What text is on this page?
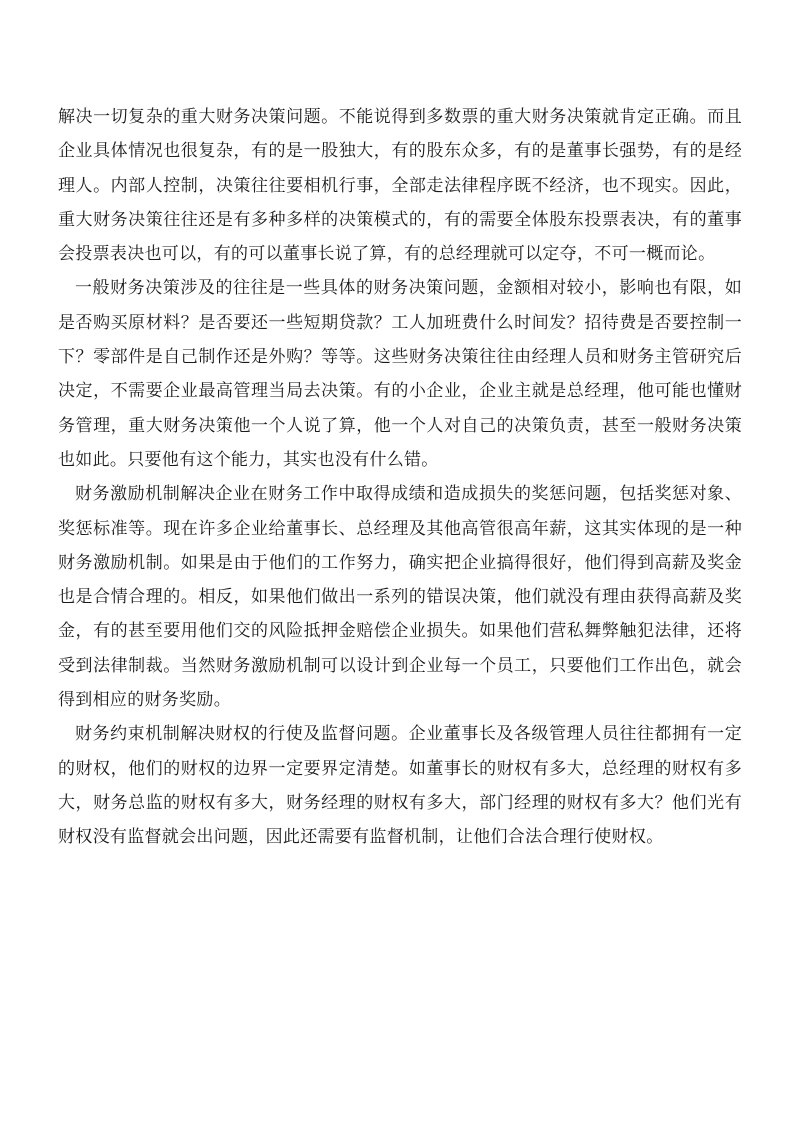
解决一切复杂的重大财务决策问题。不能说得到多数票的重大财务决策就肯定正确。而且企业具体情况也很复杂，有的是一股独大，有的股东众多，有的是董事长强势，有的是经理人。内部人控制，决策往往要相机行事，全部走法律程序既不经济，也不现实。因此，重大财务决策往往还是有多种多样的决策模式的，有的需要全体股东投票表决，有的董事会投票表决也可以，有的可以董事长说了算，有的总经理就可以定夺，不可一概而论。

一般财务决策涉及的往往是一些具体的财务决策问题，金额相对较小，影响也有限，如是否购买原材料？是否要还一些短期贷款？工人加班费什么时间发？招待费是否要控制一下？零部件是自己制作还是外购？等等。这些财务决策往往由经理人员和财务主管研究后决定，不需要企业最高管理当局去决策。有的小企业，企业主就是总经理，他可能也懂财务管理，重大财务决策他一个人说了算，他一个人对自己的决策负责，甚至一般财务决策也如此。只要他有这个能力，其实也没有什么错。

财务激励机制解决企业在财务工作中取得成绩和造成损失的奖惩问题，包括奖惩对象、奖惩标准等。现在许多企业给董事长、总经理及其他高管很高年薪，这其实体现的是一种财务激励机制。如果是由于他们的工作努力，确实把企业搞得很好，他们得到高薪及奖金也是合情合理的。相反，如果他们做出一系列的错误决策，他们就没有理由获得高薪及奖金，有的甚至要用他们交的风险抵押金赔偿企业损失。如果他们营私舞弊触犯法律，还将受到法律制裁。当然财务激励机制可以设计到企业每一个员工，只要他们工作出色，就会得到相应的财务奖励。

财务约束机制解决财权的行使及监督问题。企业董事长及各级管理人员往往都拥有一定的财权，他们的财权的边界一定要界定清楚。如董事长的财权有多大，总经理的财权有多大，财务总监的财权有多大，财务经理的财权有多大，部门经理的财权有多大？他们光有财权没有监督就会出问题，因此还需要有监督机制，让他们合法合理行使财权。
